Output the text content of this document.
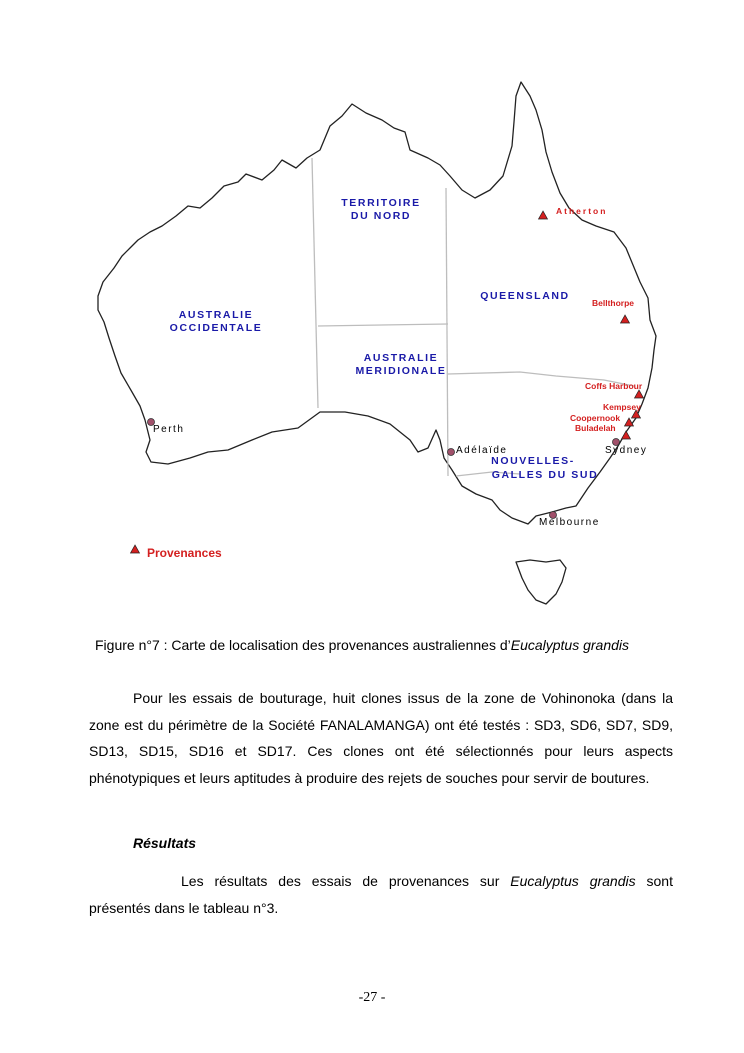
TERRITOIRE
DU NORD
QUEENSLAND
AUSTRALIE
OCCIDENTALE
AUSTRALIE
MERIDIONALE
NOUVELLES-
GALLES DU SUD
Perth
Adélaïde	Sydney
Melbourne
Atherton
Bellthorpe
Coffs Harbour
Kempsey
Coopernook
Buladelah
Provenances
Figure n°7 : Carte de localisation des provenances australiennes d’Eucalyptus grandis

Pour les essais de bouturage, huit clones issus de la zone de Vohinonoka (dans la zone est du périmètre de la Société FANALAMANGA) ont été testés : SD3, SD6, SD7, SD9, SD13, SD15, SD16 et SD17. Ces clones ont été sélectionnés pour leurs aspects phénotypiques et leurs aptitudes à produire des rejets de souches pour servir de boutures.

Résultats

Les résultats des essais de provenances sur Eucalyptus grandis sont présentés dans le tableau n°3.

-27 -
